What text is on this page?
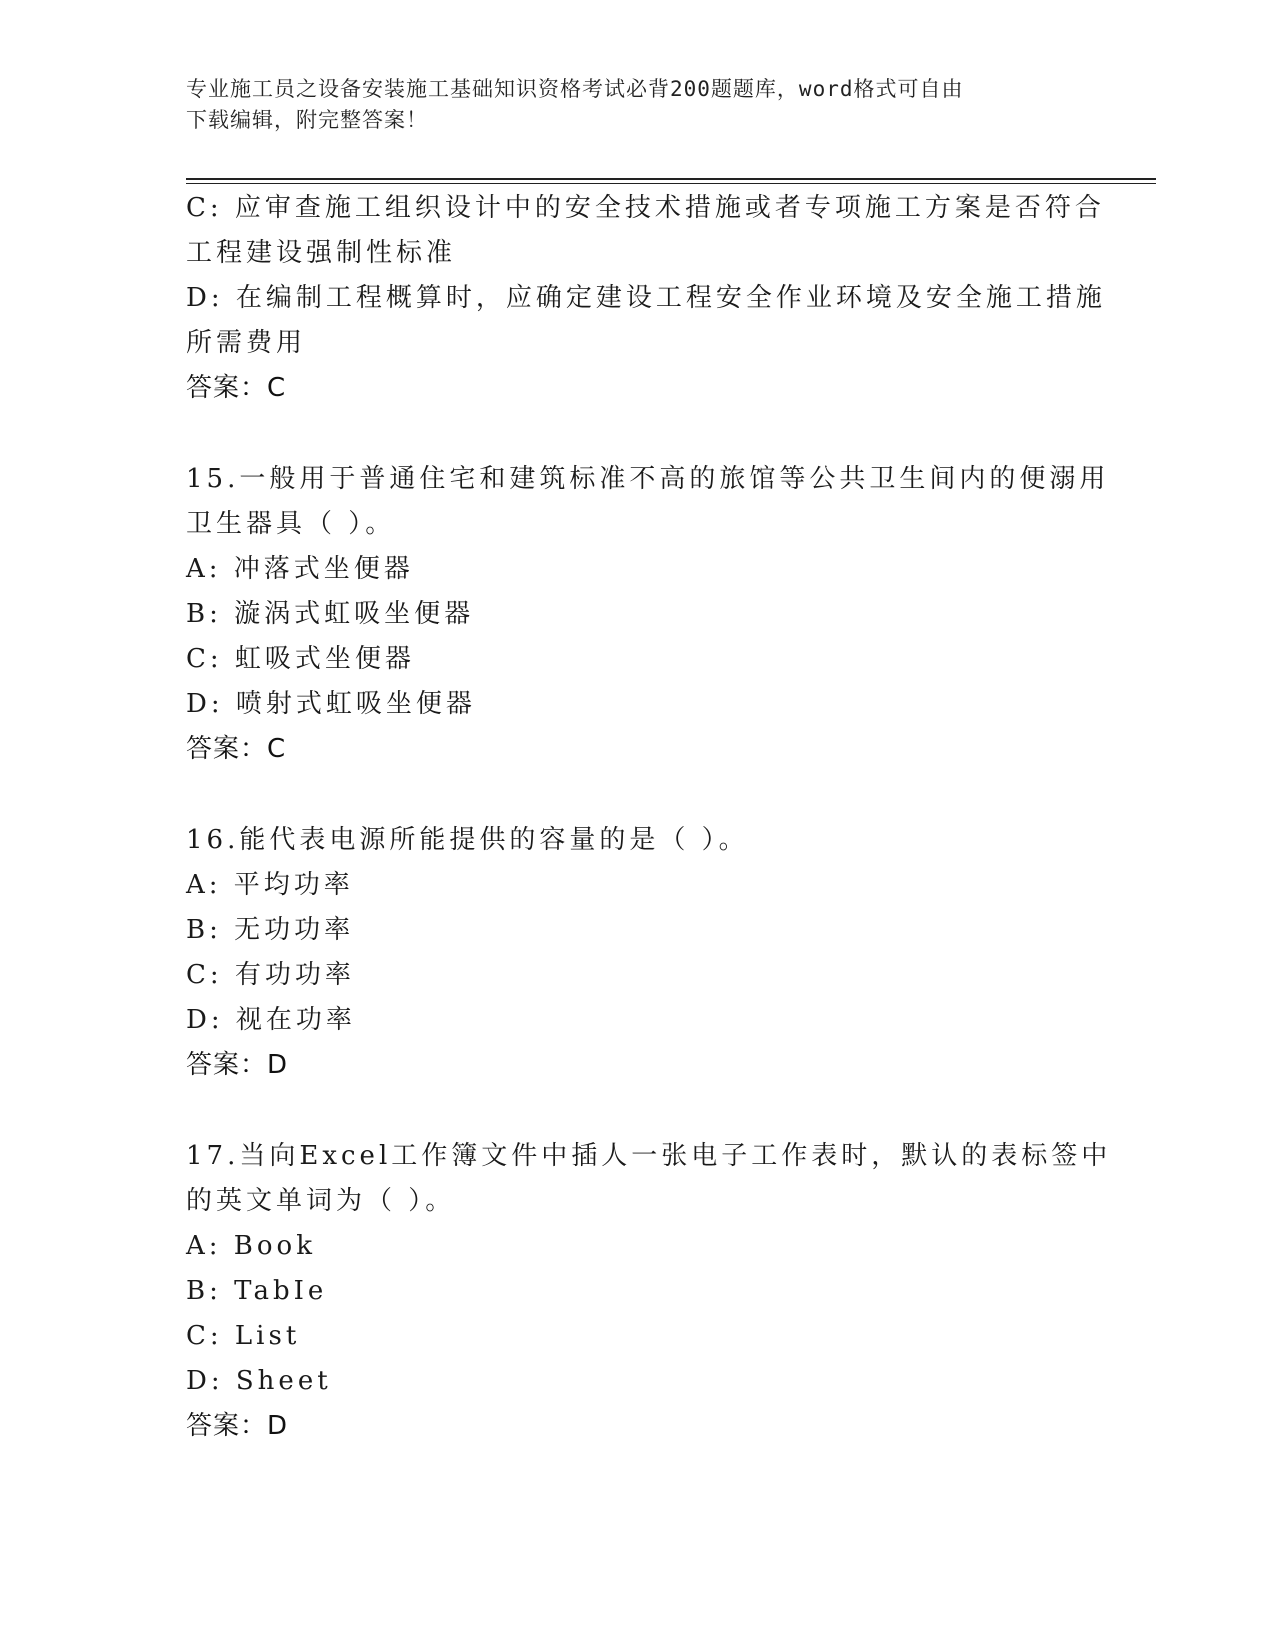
专业施工员之设备安装施工基础知识资格考试必背200题题库，word格式可自由
下载编辑，附完整答案！
C: 应审查施工组织设计中的安全技术措施或者专项施工方案是否符合
工程建设强制性标准
D: 在编制工程概算时，应确定建设工程安全作业环境及安全施工措施
所需费用
答案：C
15.一般用于普通住宅和建筑标准不高的旅馆等公共卫生间内的便溺用
卫生器具（ ）。
A: 冲落式坐便器
B: 漩涡式虹吸坐便器
C: 虹吸式坐便器
D: 喷射式虹吸坐便器
答案：C
16.能代表电源所能提供的容量的是（ ）。
A: 平均功率
B: 无功功率
C: 有功功率
D: 视在功率
答案：D
17.当向Excel工作簿文件中插人一张电子工作表时，默认的表标签中
的英文单词为（ ）。
A: Book
B: TabIe
C: List
D: Sheet
答案：D
